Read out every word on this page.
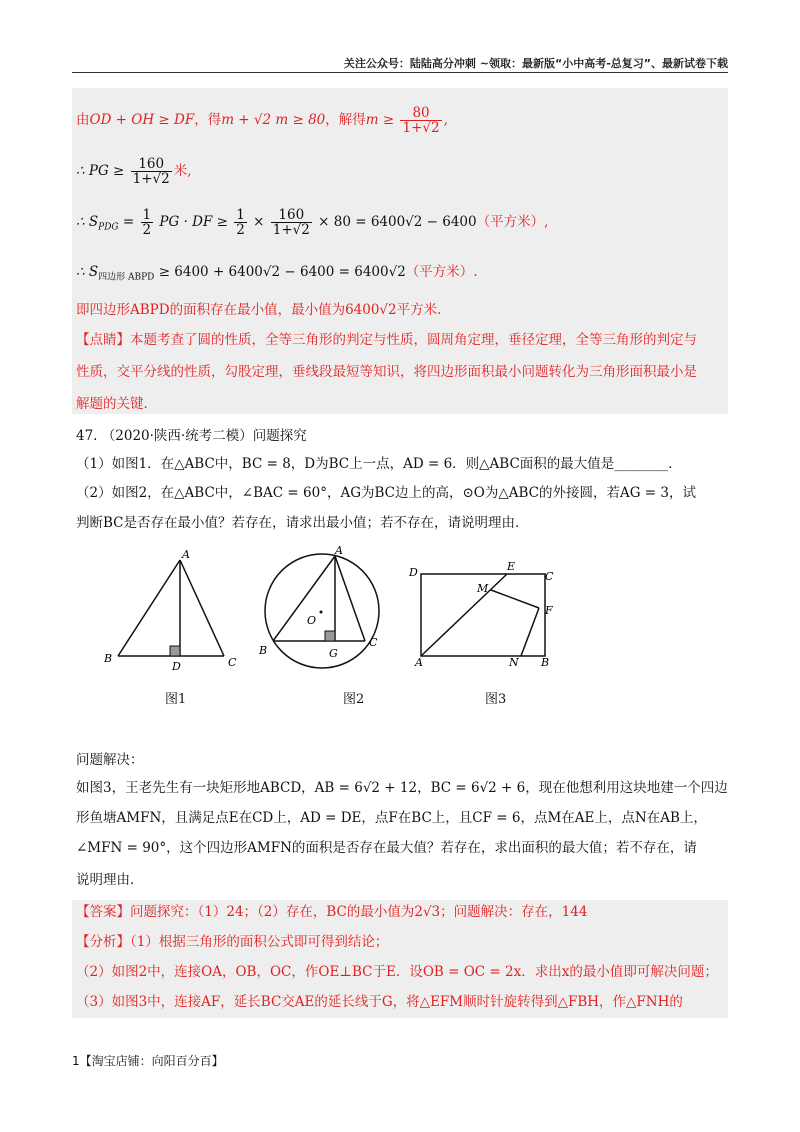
关注公众号：陆陆高分冲刺 ~领取：最新版“小中高考-总复习”、最新试卷下载
由OD + OH ≥ DF，得m + √2 m ≥ 80，解得$m \ge \frac{80}{1+√2}$ ,
∴ PG ≥ $\frac{160}{1+√2}$ 米,
∴ $S_{PDG} = \frac{1}{2}$ PG · DF ≥ $\frac{1}{2} \times \frac{160}{1+√2} \times 80 = 6400√2 - 6400$（平方米）,
∴ $S_{四边形 ABPD} \ge 6400 + 6400√2 - 6400 = 6400√2$（平方米）.
即四边形ABPD的面积存在最小值，最小值为6400√2平方米.
【点睛】本题考查了圆的性质，全等三角形的判定与性质，圆周角定理，垂径定理，全等三角形的判定与
性质，交平分线的性质，勾股定理，垂线段最短等知识，将四边形面积最小问题转化为三角形面积最小是
解题的关键.
47. （2020·陕西·统考二模）问题探究
（1）如图1．在△ABC中，BC = 8，D为BC上一点，AD = 6．则△ABC面积的最大值是________．
（2）如图2，在△ABC中，∠BAC = 60°，AG为BC边上的高，⊙O为△ABC的外接圆，若AG = 3，试
判断BC是否存在最小值？若存在，请求出最小值；若不存在，请说明理由．
A
B	C
D
图1
A
B
C
G
O
图2
D	E
C
M
F
A	N B
图3
问题解决：
如图3，王老先生有一块矩形地ABCD，AB = 6√2 + 12，BC = 6√2 + 6，现在他想利用这块地建一个四边
形鱼塘AMFN，且满足点E在CD上，AD = DE，点F在BC上，且CF = 6，点M在AE上，点N在AB上，
∠MFN = 90°，这个四边形AMFN的面积是否存在最大值？若存在，求出面积的最大值；若不存在，请
说明理由．
【答案】问题探究：（1）24；（2）存在，BC的最小值为2√3；问题解决：存在，144
【分析】（1）根据三角形的面积公式即可得到结论；
（2）如图2中，连接OA，OB，OC，作OE⊥BC于E．设OB = OC = 2x．求出x的最小值即可解决问题；
（3）如图3中，连接AF，延长BC交AE的延长线于G，将△EFM顺时针旋转得到△FBH，作△FNH的
1【淘宝店铺：向阳百分百】
